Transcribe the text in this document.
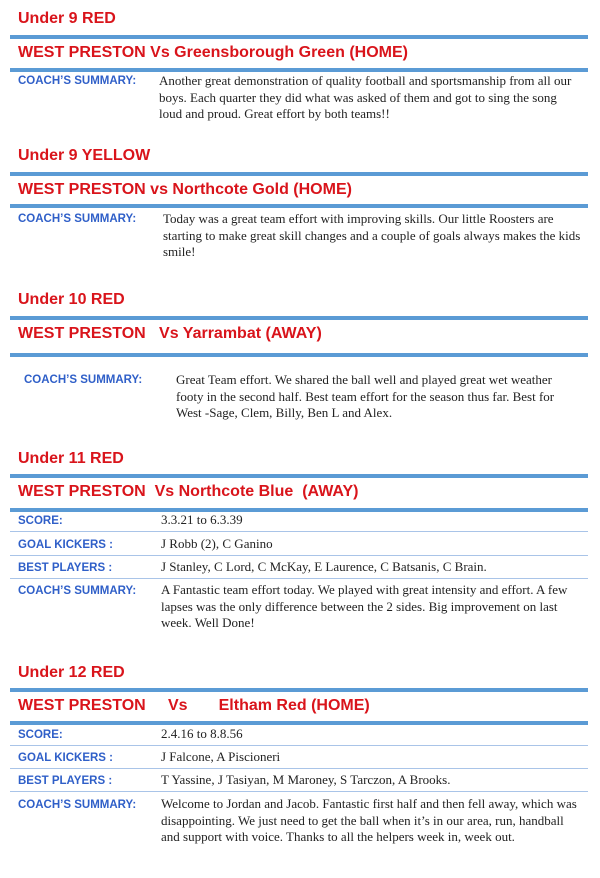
Under 9 RED
WEST PRESTON Vs Greensborough Green (HOME)
COACH’S SUMMARY: Another great demonstration of quality football and sportsmanship from all our boys. Each quarter they did what was asked of them and got to sing the song loud and proud. Great effort by both teams!!
Under 9 YELLOW
WEST PRESTON vs Northcote Gold (HOME)
COACH’S SUMMARY: Today was a great team effort with improving skills. Our little Roosters are starting to make great skill changes and a couple of goals always makes the kids smile!
Under 10 RED
WEST PRESTON   Vs Yarrambat (AWAY)
COACH’S SUMMARY:	Great Team effort. We shared the ball well and played great wet weather footy in the second half. Best team effort for the season thus far. Best for West -Sage, Clem, Billy, Ben L and Alex.
Under 11 RED
WEST PRESTON  Vs Northcote Blue  (AWAY)
SCORE:	3.3.21 to 6.3.39
GOAL KICKERS :	J Robb (2), C Ganino
BEST PLAYERS :	J Stanley, C Lord, C McKay, E Laurence, C Batsanis, C Brain.
COACH’S SUMMARY: A Fantastic team effort today. We played with great intensity and effort. A few lapses was the only difference between the 2 sides. Big improvement on last week. Well Done!
Under 12 RED
WEST PRESTON     Vs       Eltham Red (HOME)
SCORE:	2.4.16 to 8.8.56
GOAL KICKERS :	J Falcone, A Piscioneri
BEST PLAYERS :	T Yassine, J Tasiyan, M Maroney, S Tarczon, A Brooks.
COACH’S SUMMARY: Welcome to Jordan and Jacob. Fantastic first half and then fell away, which was disappointing. We just need to get the ball when it’s in our area, run, handball and support with voice. Thanks to all the helpers week in, week out.
